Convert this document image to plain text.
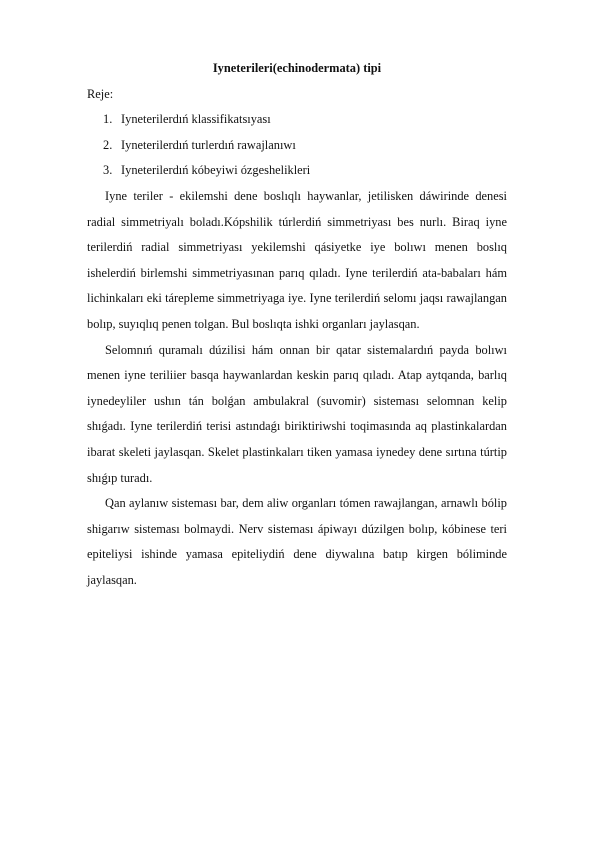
Iyneterileri(echinodermata) tipi

Reje:

1. Iyneterilerdıń klassifikatsıyası
2. Iyneterilerdıń turlerdıń rawajlanıwı
3. Iyneterilerdıń kóbeyiwi ózgeshelikleri

Iyne teriler - ekilemshi dene boslıqlı haywanlar, jetilisken dáwirinde denesi radial simmetriyalı boladı.Kópshilik túrlerdiń simmetriyası bes nurlı. Biraq iyne terilerdiń radial simmetriyası yekilemshi qásiyetke iye bolıwı menen boslıq ishelerdiń birlemshi simmetriyasınan parıq qıladı. Iyne terilerdiń ata-babaları hám lichinkaları eki tárepleme simmetriyaga iye. Iyne terilerdiń selomı jaqsı rawajlangan bolıp, suyıqlıq penen tolgan. Bul boslıqta ishki organları jaylasqan.

Selomnıń quramalı dúzilisi hám onnan bir qatar sistemalardıń payda bolıwı menen iyne teriliіer basqa haywanlardan keskin parıq qıladı. Atap aytqanda, barlıq iynedeyliler ushın tán bolǵan ambulakral (suvomir) sisteması selomnan kelip shıǵadı. Iyne terilerdiń terisi astındaǵı biriktiriwshi toqimasında aq plastinkalardan ibarat skeleti jaylasqan. Skelet plastinkaları tiken yamasa iynedey dene sırtına túrtip shıǵıp turadı.

Qan aylanıw sisteması bar, dem aliw organları tómen rawajlangan, arnawlı bólip shigarıw sisteması bolmaydi. Nerv sisteması ápiwayı dúzilgen bolıp, kóbinese teri epiteliysi ishinde yamasa epiteliydiń dene diywalına batıp kirgen bóliminde jaylasqan.
